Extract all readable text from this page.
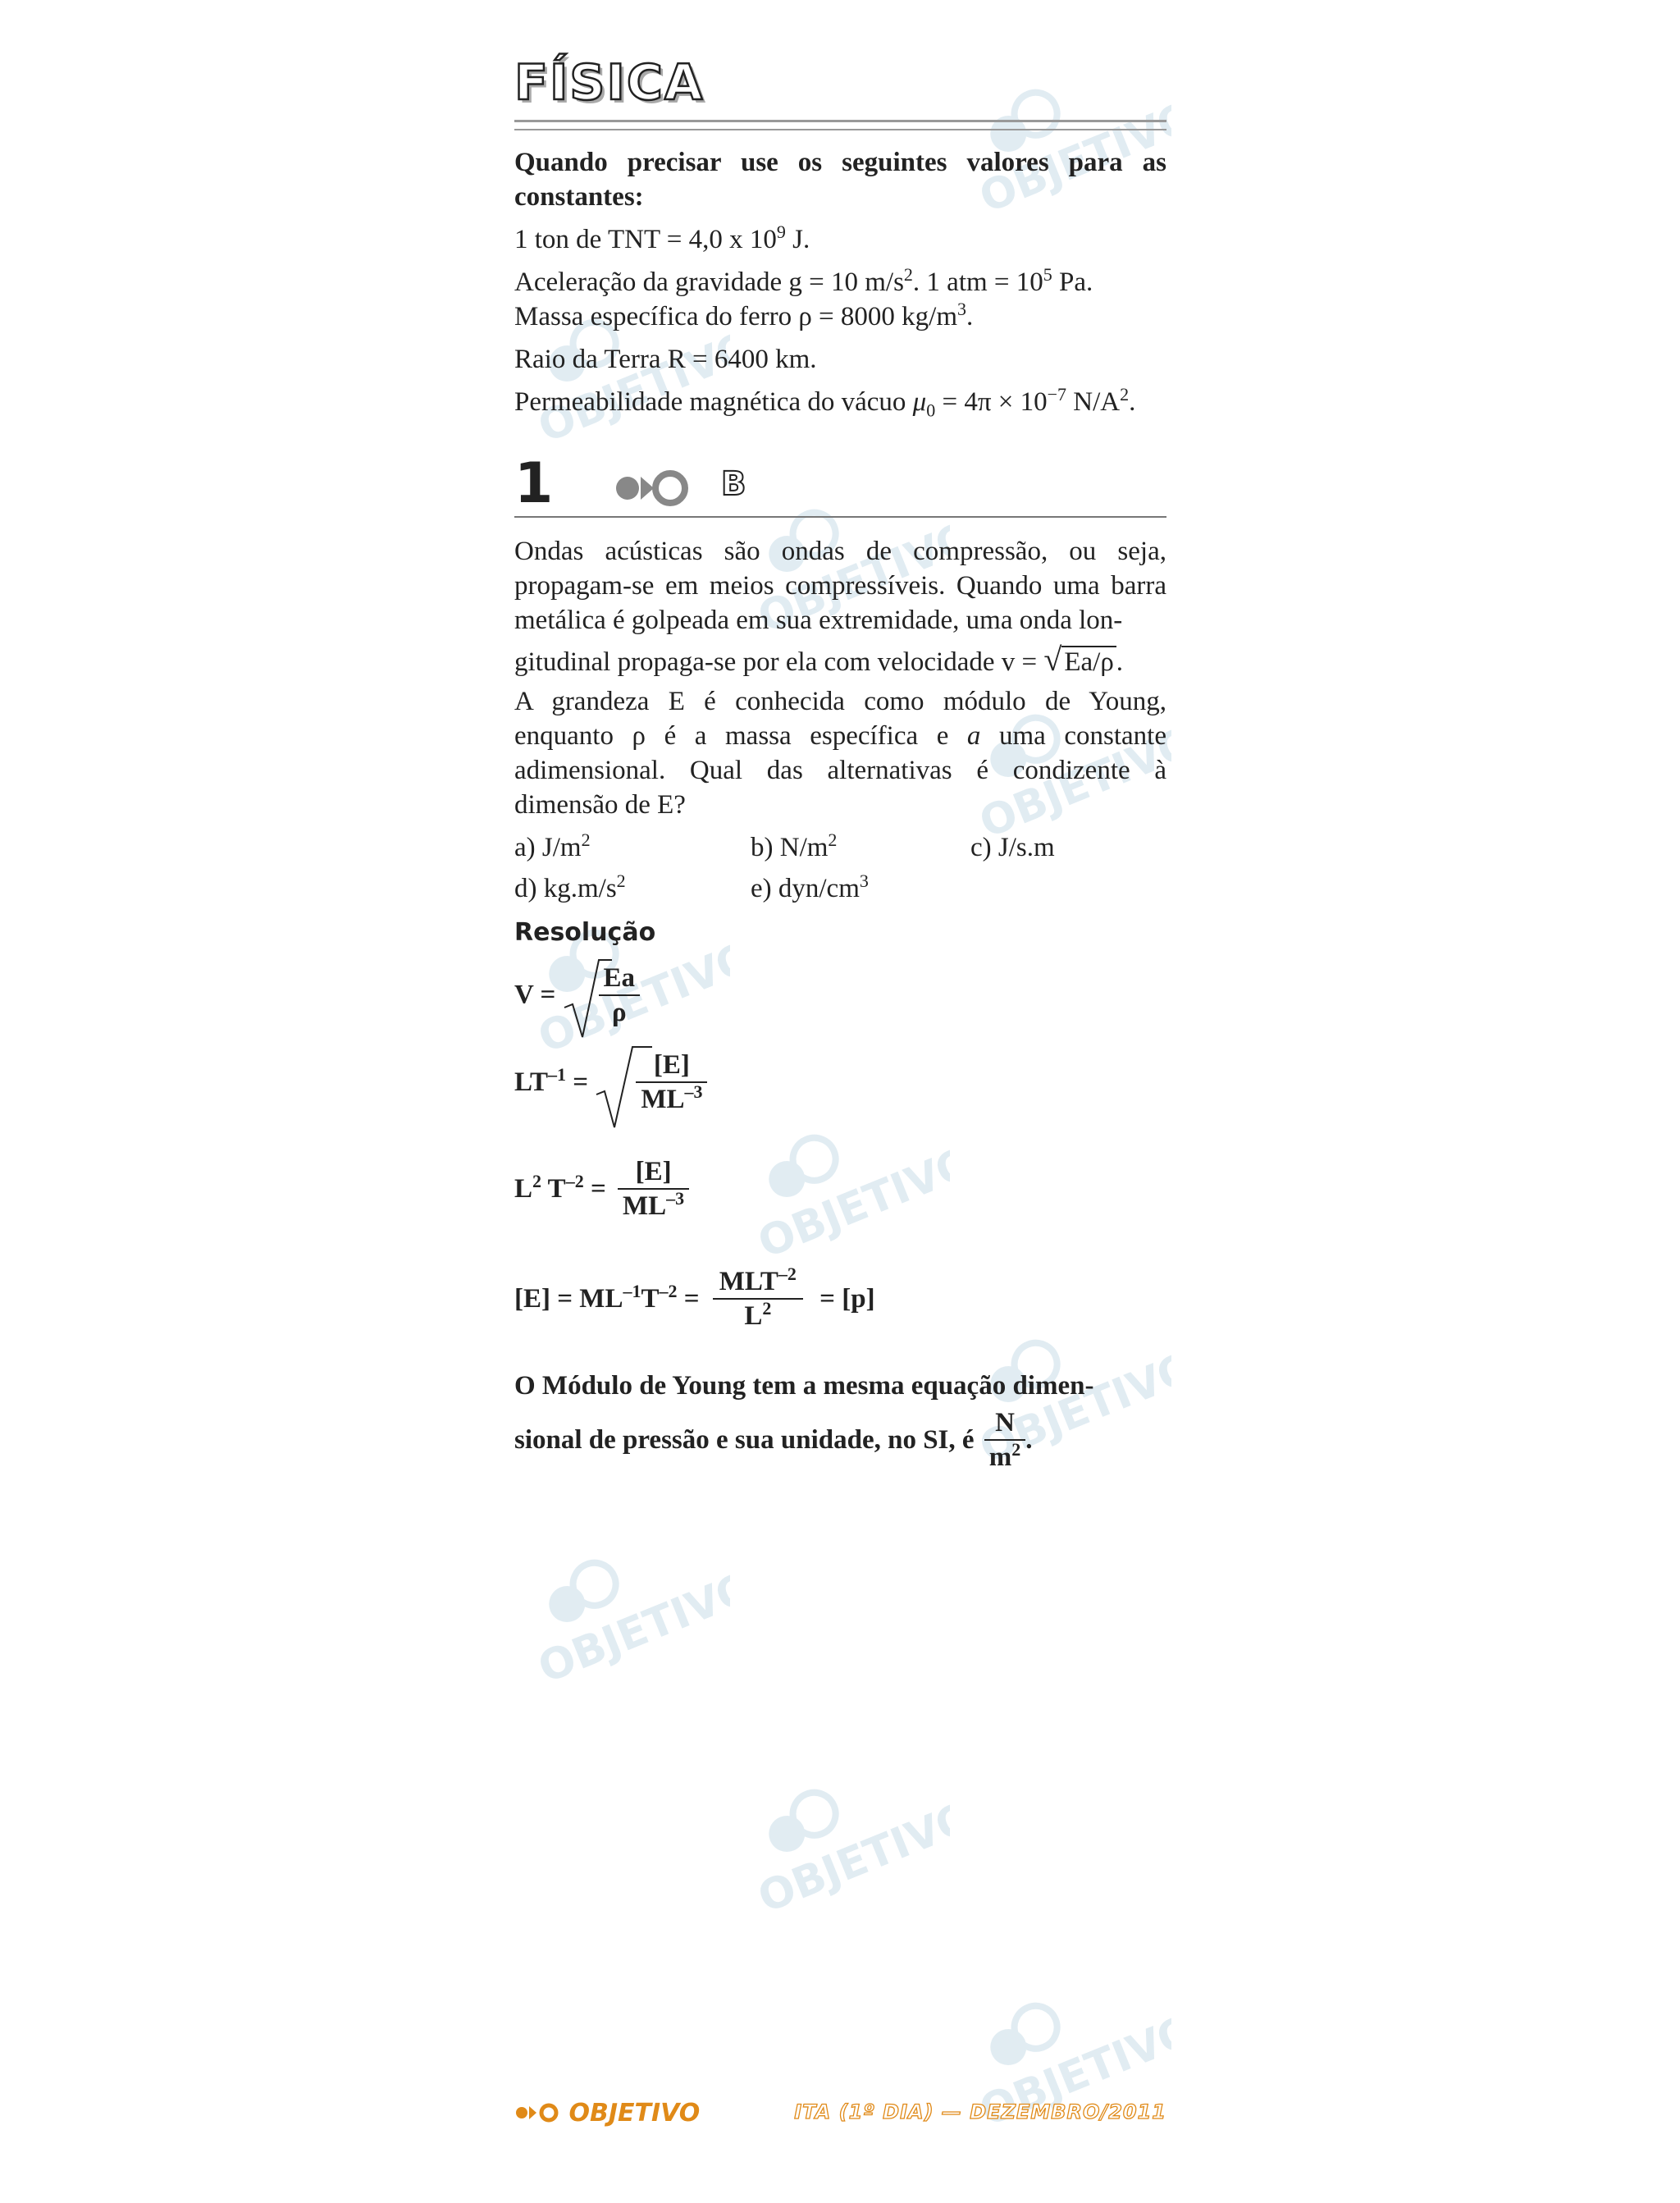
OBJETIVO
OBJETIVO
OBJETIVO
OBJETIVO
OBJETIVO
OBJETIVO
OBJETIVO
OBJETIVO
OBJETIVO
OBJETIVO
FÍSICA

Quando precisar use os seguintes valores para as constantes:

1 ton de TNT = 4,0 x $10^9$ J.

Aceleração da gravidade g = 10 $m/s^2$. 1 atm = $10^5$ Pa.

Massa específica do ferro ρ = 8000 $kg/m^3$.

Raio da Terra R = 6400 km.

Permeabilidade magnética do vácuo $\mu_0 = 4\pi \times 10^{-7}$ $N/A^2$.

1	B

Ondas acústicas são ondas de compressão, ou seja, propagam-se em meios compressíveis. Quando uma barra metálica é golpeada em sua extremidade, uma onda lon-

gitudinal propaga-se por ela com velocidade v = √Ea/ρ.

A grandeza E é conhecida como módulo de Young, enquanto ρ é a massa específica e a uma constante adimensional. Qual das alternativas é condizente à dimensão de E?

a) $J/m^2$	b) $N/m^2$	c) J/s.m
d) $kg.m/s^2$	e) dyn/$cm^3$

Resolução

$V = \frac{Ea}{\rho}$
$LT^{-1} = \frac{[E]}{ML^{-3}}$
$L^2$ $T^{-2} = \frac{[E]}{ML^{-3}}$
$[E] = ML^{-1}T^{-2} = \frac{MLT^{-2}}{L^2} = [p]$

O Módulo de Young tem a mesma equação dimen-

sional de pressão e sua unidade, no SI, é $\frac{N}{m^2}$ .

OBJETIVO	ITA (1º DIA) — DEZEMBRO/2011
